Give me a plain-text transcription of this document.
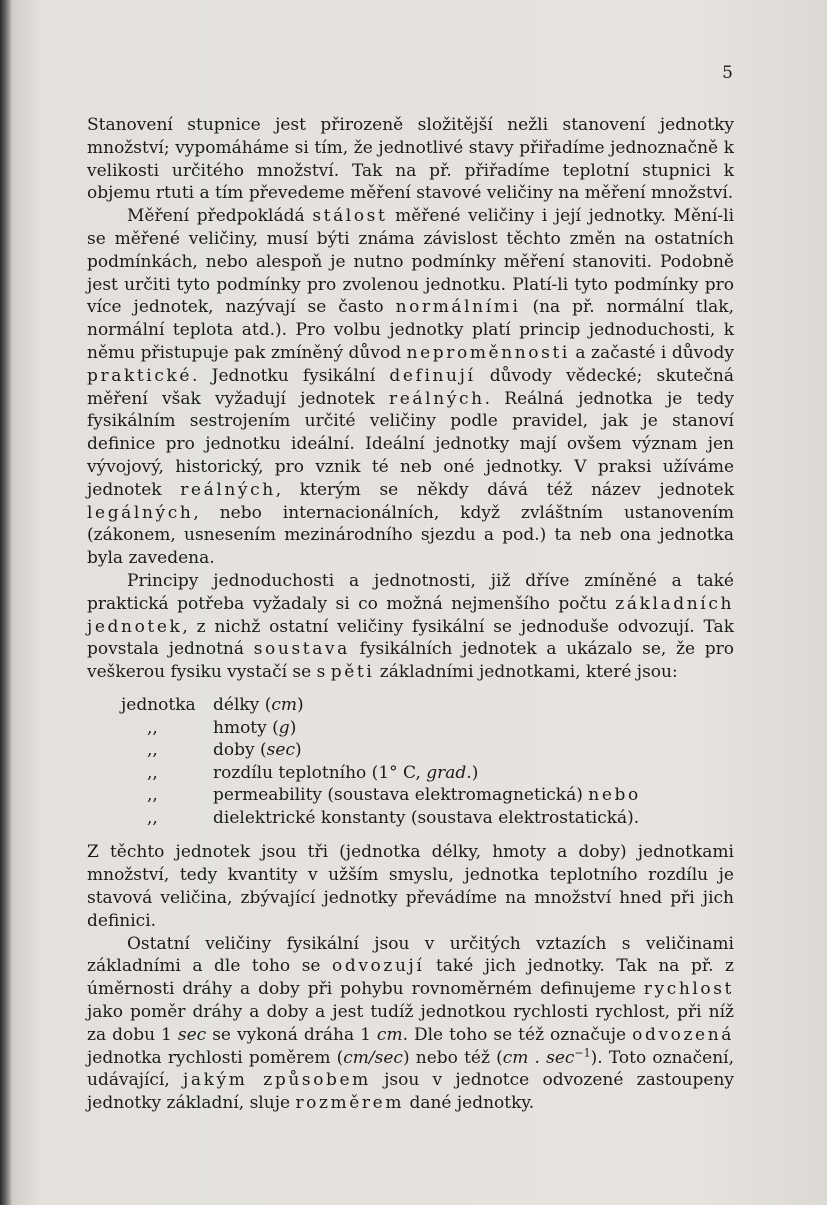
5

Stanovení stupnice jest přirozeně složitější nežli stanovení jednotky množství; vypomáháme si tím, že jednotlivé stavy přiřadíme jednoznačně k velikosti určitého množství. Tak na př. přiřadíme teplotní stupnici k objemu rtuti a tím převedeme měření stavové veličiny na měření množství.

Měření předpokládá stálost měřené veličiny i její jednotky. Mění-li se měřené veličiny, musí býti známa závislost těchto změn na ostatních podmínkách, nebo alespoň je nutno podmínky měření stanoviti. Podobně jest určiti tyto podmínky pro zvolenou jednotku. Platí-li tyto podmínky pro více jednotek, nazývají se často normálními (na př. normální tlak, normální teplota atd.). Pro volbu jednotky platí princip jednoduchosti, k němu přistupuje pak zmíněný důvod neproměnnosti a začasté i důvody praktické. Jednotku fysikální definují důvody vědecké; skutečná měření však vyžadují jednotek reálných. Reálná jednotka je tedy fysikálním sestrojením určité veličiny podle pravidel, jak je stanoví definice pro jednotku ideální. Ideální jednotky mají ovšem význam jen vývojový, historický, pro vznik té neb oné jednotky. V praksi užíváme jednotek reálných, kterým se někdy dává též název jednotek legálných, nebo internacionálních, když zvláštním ustanovením (zákonem, usnesením mezinárodního sjezdu a pod.) ta neb ona jednotka byla zavedena.

Principy jednoduchosti a jednotnosti, již dříve zmíněné a také praktická potřeba vyžadaly si co možná nejmenšího počtu základních jednotek, z nichž ostatní veličiny fysikální se jednoduše odvozují. Tak povstala jednotná soustava fysikálních jednotek a ukázalo se, že pro veškerou fysiku vystačí se s pěti základními jednotkami, které jsou:

jednotka	délky (cm)
,,	hmoty (g)
,,	doby (sec)
,,	rozdílu teplotního (1° C, grad.)
,,	permeability (soustava elektromagnetická) nebo
,,	dielektrické konstanty (soustava elektrostatická).

Z těchto jednotek jsou tři (jednotka délky, hmoty a doby) jednotkami množství, tedy kvantity v užším smyslu, jednotka teplotního rozdílu je stavová veličina, zbývající jednotky převádíme na množství hned při jich definici.

Ostatní veličiny fysikální jsou v určitých vztazích s veličinami základními a dle toho se odvozují také jich jednotky. Tak na př. z úměrnosti dráhy a doby při pohybu rovnoměrném definujeme rychlost jako poměr dráhy a doby a jest tudíž jednotkou rychlosti rychlost, při níž za dobu 1 sec se vykoná dráha 1 cm. Dle toho se též označuje odvozená jednotka rychlosti poměrem (cm/sec) nebo též (cm . $\sec^{-1}$). Toto označení, udávající, jakým způsobem jsou v jednotce odvozené zastoupeny jednotky základní, sluje rozměrem dané jednotky.
